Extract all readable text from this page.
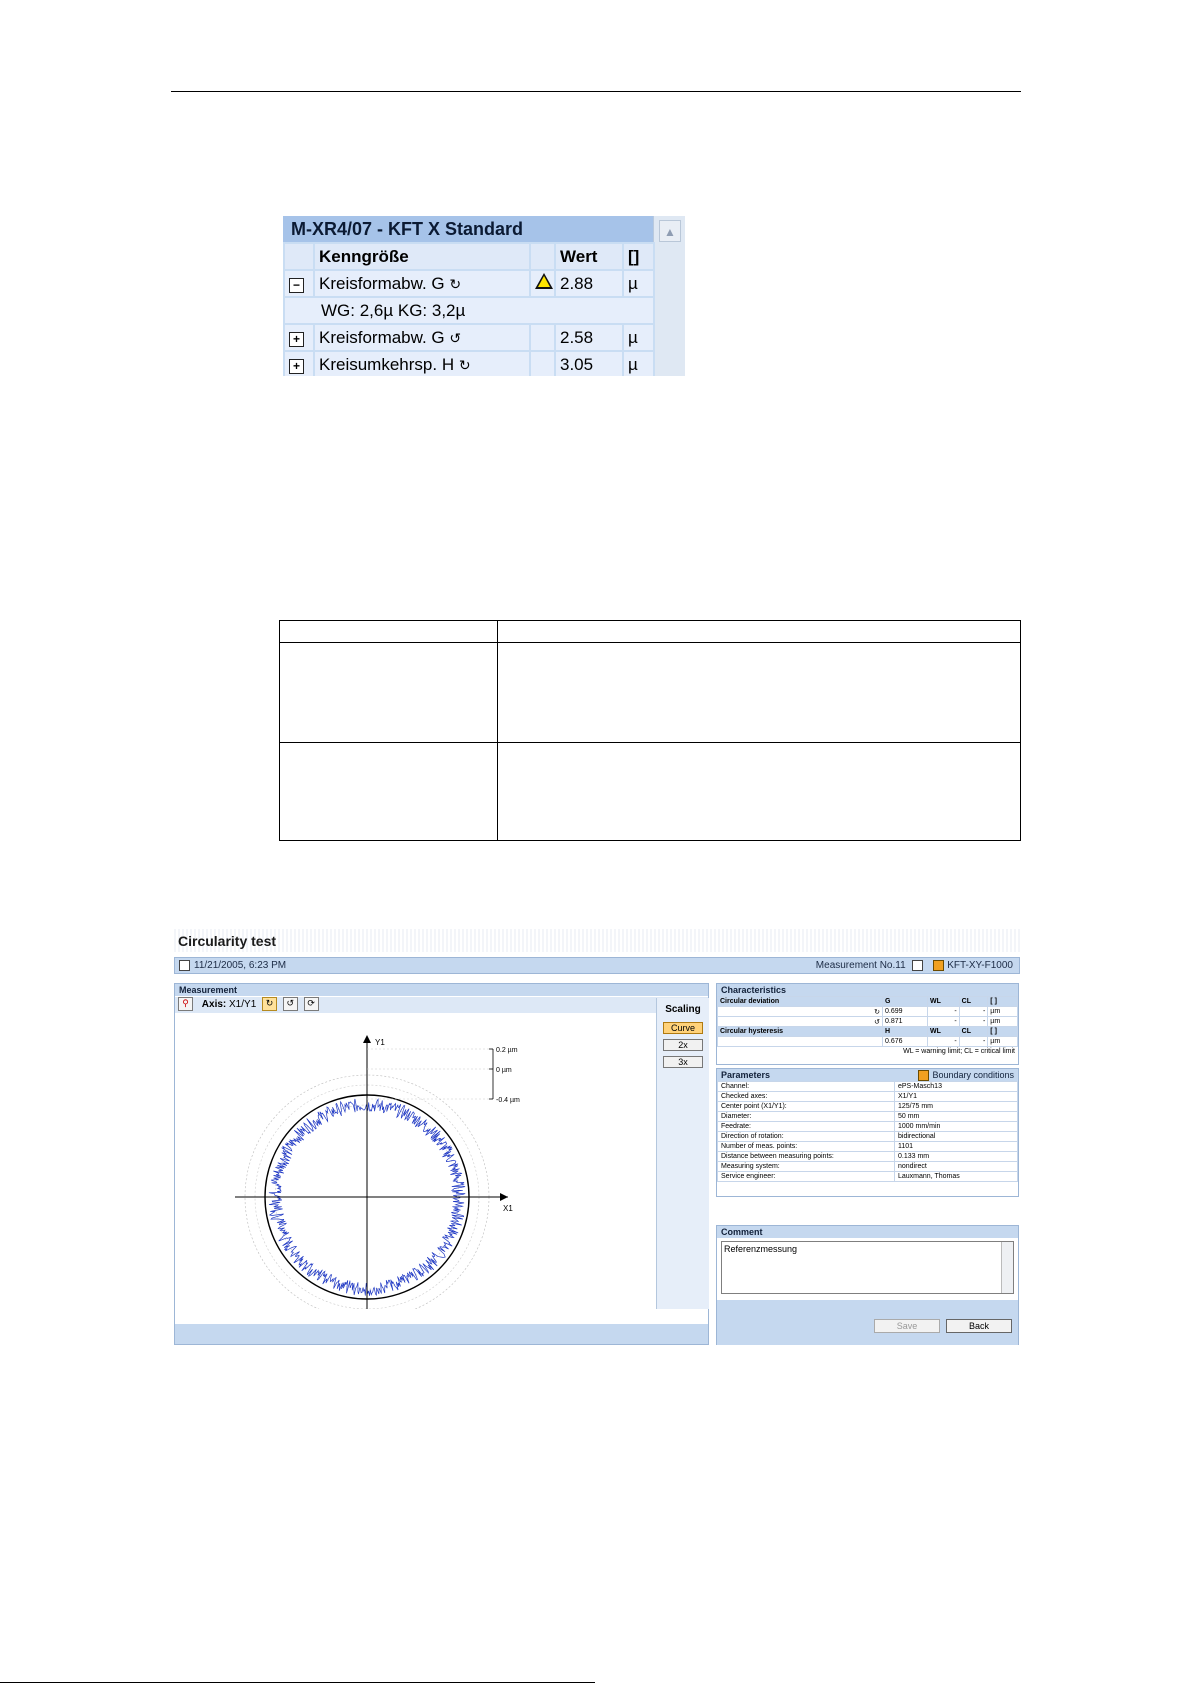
M-XR4/07 - KFT X Standard	▲
	Kenngröße		Wert	[]
−	Kreisformabw. G ↻		2.88	µ
WG: 2,6µ KG: 3,2µ				
+	Kreisformabw. G ↺		2.58	µ
+	Kreisumkehrsp. H ↻		3.05	µ
Circularity test
11/21/2005, 6:23 PM	Measurement No.11	KFT-XY-F1000
Measurement
⚲ Axis: X1/Y1 ↻ ↺ ⟳
Scaling
Curve
2x
3x
Y1
X1
0.2 µm
0 µm
-0.4 µm
Characteristics
Circular deviation	G	WL	CL	[ ]
↻	0.699	-	-	µm
↺	0.871	-	-	µm
Circular hysteresis	H	WL	CL	[ ]
	0.676	-	-	µm
WL = warning limit; CL = critical limit
Parameters	Boundary conditions
Channel:	ePS-Masch13
Checked axes:	X1/Y1
Center point (X1/Y1):	125/75 mm
Diameter:	50 mm
Feedrate:	1000 mm/min
Direction of rotation:	bidirectional
Number of meas. points:	1101
Distance between measuring points:	0.133 mm
Measuring system:	nondirect
Service engineer:	Lauxmann, Thomas
Comment
Referenzmessung
Save	Back
